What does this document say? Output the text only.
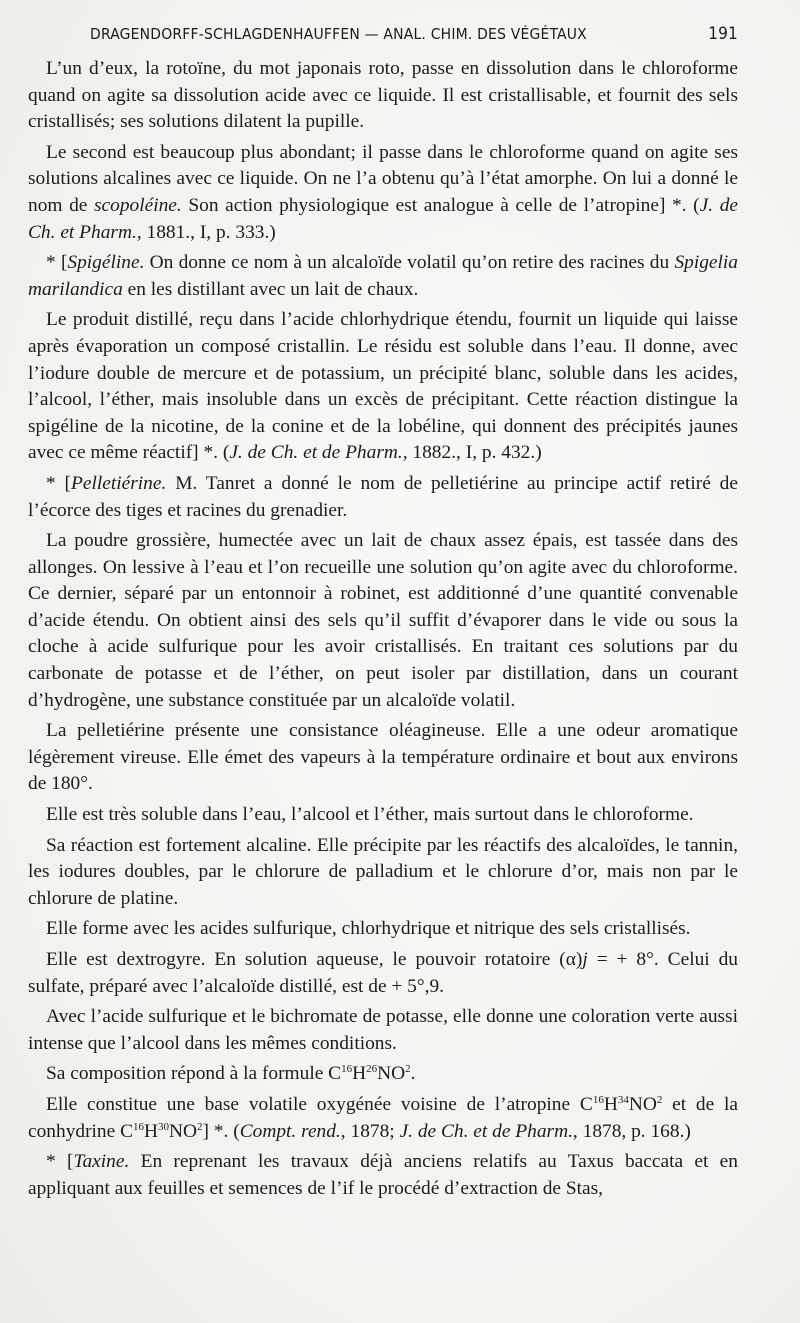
DRAGENDORFF-SCHLAGDENHAUFFEN — ANAL. CHIM. DES VÉGÉTAUX	191

L’un d’eux, la rotoïne, du mot japonais roto, passe en dissolution dans le chloroforme quand on agite sa dissolution acide avec ce liquide. Il est cristallisable, et fournit des sels cristallisés; ses solutions dilatent la pupille.

Le second est beaucoup plus abondant; il passe dans le chloroforme quand on agite ses solutions alcalines avec ce liquide. On ne l’a obtenu qu’à l’état amorphe. On lui a donné le nom de scopoléine. Son action physiologique est analogue à celle de l’atropine] *. (J. de Ch. et Pharm., 1881., I, p. 333.)

* [Spigéline. On donne ce nom à un alcaloïde volatil qu’on retire des racines du Spigelia marilandica en les distillant avec un lait de chaux.

Le produit distillé, reçu dans l’acide chlorhydrique étendu, fournit un liquide qui laisse après évaporation un composé cristallin. Le résidu est soluble dans l’eau. Il donne, avec l’iodure double de mercure et de potassium, un précipité blanc, soluble dans les acides, l’alcool, l’éther, mais insoluble dans un excès de précipitant. Cette réaction distingue la spigéline de la nicotine, de la conine et de la lobéline, qui donnent des précipités jaunes avec ce même réactif] *. (J. de Ch. et de Pharm., 1882., I, p. 432.)

* [Pelletiérine. M. Tanret a donné le nom de pelletiérine au principe actif retiré de l’écorce des tiges et racines du grenadier.

La poudre grossière, humectée avec un lait de chaux assez épais, est tassée dans des allonges. On lessive à l’eau et l’on recueille une solution qu’on agite avec du chloroforme. Ce dernier, séparé par un entonnoir à robinet, est additionné d’une quantité convenable d’acide étendu. On obtient ainsi des sels qu’il suffit d’évaporer dans le vide ou sous la cloche à acide sulfurique pour les avoir cristallisés. En traitant ces solutions par du carbonate de potasse et de l’éther, on peut isoler par distillation, dans un courant d’hydrogène, une substance constituée par un alcaloïde volatil.

La pelletiérine présente une consistance oléagineuse. Elle a une odeur aromatique légèrement vireuse. Elle émet des vapeurs à la température ordinaire et bout aux environs de 180°.

Elle est très soluble dans l’eau, l’alcool et l’éther, mais surtout dans le chloroforme.

Sa réaction est fortement alcaline. Elle précipite par les réactifs des alcaloïdes, le tannin, les iodures doubles, par le chlorure de palladium et le chlorure d’or, mais non par le chlorure de platine.

Elle forme avec les acides sulfurique, chlorhydrique et nitrique des sels cristallisés.

Elle est dextrogyre. En solution aqueuse, le pouvoir rotatoire (α)j = + 8°. Celui du sulfate, préparé avec l’alcaloïde distillé, est de + 5°,9.

Avec l’acide sulfurique et le bichromate de potasse, elle donne une coloration verte aussi intense que l’alcool dans les mêmes conditions.

Sa composition répond à la formule $C^{16}H^{26}NO^2$.

Elle constitue une base volatile oxygénée voisine de l’atropine $C^{16}H^{34}NO^2$ et de la conhydrine $C^{16}H^{30}NO^2$] *. (Compt. rend., 1878; J. de Ch. et de Pharm., 1878, p. 168.)

* [Taxine. En reprenant les travaux déjà anciens relatifs au Taxus baccata et en appliquant aux feuilles et semences de l’if le procédé d’extraction de Stas,
